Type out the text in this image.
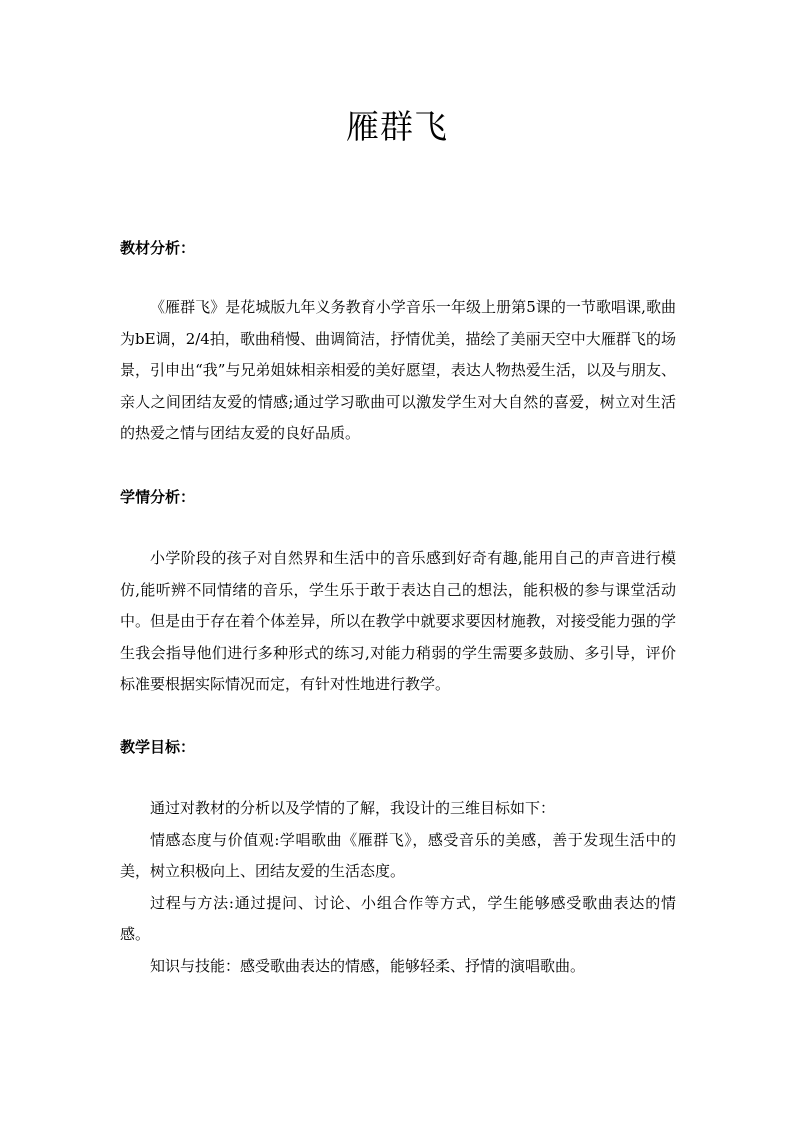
雁群飞
教材分析：

《雁群飞》是花城版九年义务教育小学音乐一年级上册第5课的一节歌唱课,歌曲为bE调，2/4拍，歌曲稍慢、曲调简洁，抒情优美，描绘了美丽天空中大雁群飞的场景，引申出“我”与兄弟姐妹相亲相爱的美好愿望，表达人物热爱生活，以及与朋友、亲人之间团结友爱的情感;通过学习歌曲可以激发学生对大自然的喜爱，树立对生活的热爱之情与团结友爱的良好品质。

学情分析：

小学阶段的孩子对自然界和生活中的音乐感到好奇有趣,能用自己的声音进行模仿,能听辨不同情绪的音乐，学生乐于敢于表达自己的想法，能积极的参与课堂活动中。但是由于存在着个体差异，所以在教学中就要求要因材施教，对接受能力强的学生我会指导他们进行多种形式的练习,对能力稍弱的学生需要多鼓励、多引导，评价标准要根据实际情况而定，有针对性地进行教学。

教学目标：

通过对教材的分析以及学情的了解，我设计的三维目标如下：

情感态度与价值观:学唱歌曲《雁群飞》，感受音乐的美感，善于发现生活中的美，树立积极向上、团结友爱的生活态度。

过程与方法:通过提问、讨论、小组合作等方式，学生能够感受歌曲表达的情感。

知识与技能：感受歌曲表达的情感，能够轻柔、抒情的演唱歌曲。
